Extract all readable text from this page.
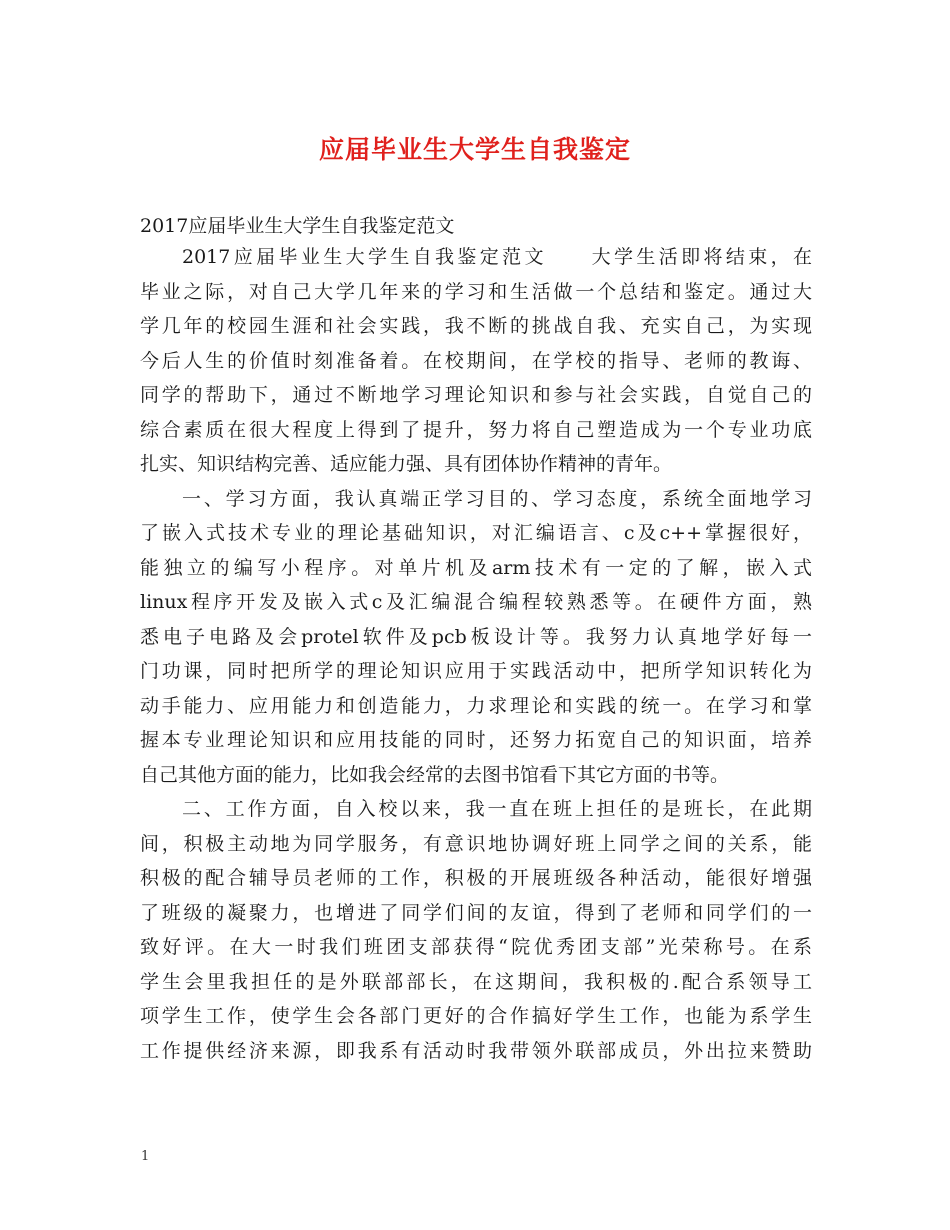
应届毕业生大学生自我鉴定
2017应届毕业生大学生自我鉴定范文
2017应届毕业生大学生自我鉴定范文　　大学生活即将结束，在
毕业之际，对自己大学几年来的学习和生活做一个总结和鉴定。通过大
学几年的校园生涯和社会实践，我不断的挑战自我、充实自己，为实现
今后人生的价值时刻准备着。在校期间，在学校的指导、老师的教诲、
同学的帮助下，通过不断地学习理论知识和参与社会实践，自觉自己的
综合素质在很大程度上得到了提升，努力将自己塑造成为一个专业功底
扎实、知识结构完善、适应能力强、具有团体协作精神的青年。
一、学习方面，我认真端正学习目的、学习态度，系统全面地学习
了嵌入式技术专业的理论基础知识，对汇编语言、c及c++掌握很好，
能独立的编写小程序。对单片机及arm技术有一定的了解，嵌入式
linux程序开发及嵌入式c及汇编混合编程较熟悉等。在硬件方面，熟
悉电子电路及会protel软件及pcb板设计等。我努力认真地学好每一
门功课，同时把所学的理论知识应用于实践活动中，把所学知识转化为
动手能力、应用能力和创造能力，力求理论和实践的统一。在学习和掌
握本专业理论知识和应用技能的同时，还努力拓宽自己的知识面，培养
自己其他方面的能力，比如我会经常的去图书馆看下其它方面的书等。
二、工作方面，自入校以来，我一直在班上担任的是班长，在此期
间，积极主动地为同学服务，有意识地协调好班上同学之间的关系，能
积极的配合辅导员老师的工作，积极的开展班级各种活动，能很好增强
了班级的凝聚力，也增进了同学们间的友谊，得到了老师和同学们的一
致好评。在大一时我们班团支部获得“院优秀团支部”光荣称号。在系
学生会里我担任的是外联部部长，在这期间，我积极的.配合系领导工
项学生工作，使学生会各部门更好的合作搞好学生工作，也能为系学生
工作提供经济来源，即我系有活动时我带领外联部成员，外出拉来赞助
1
